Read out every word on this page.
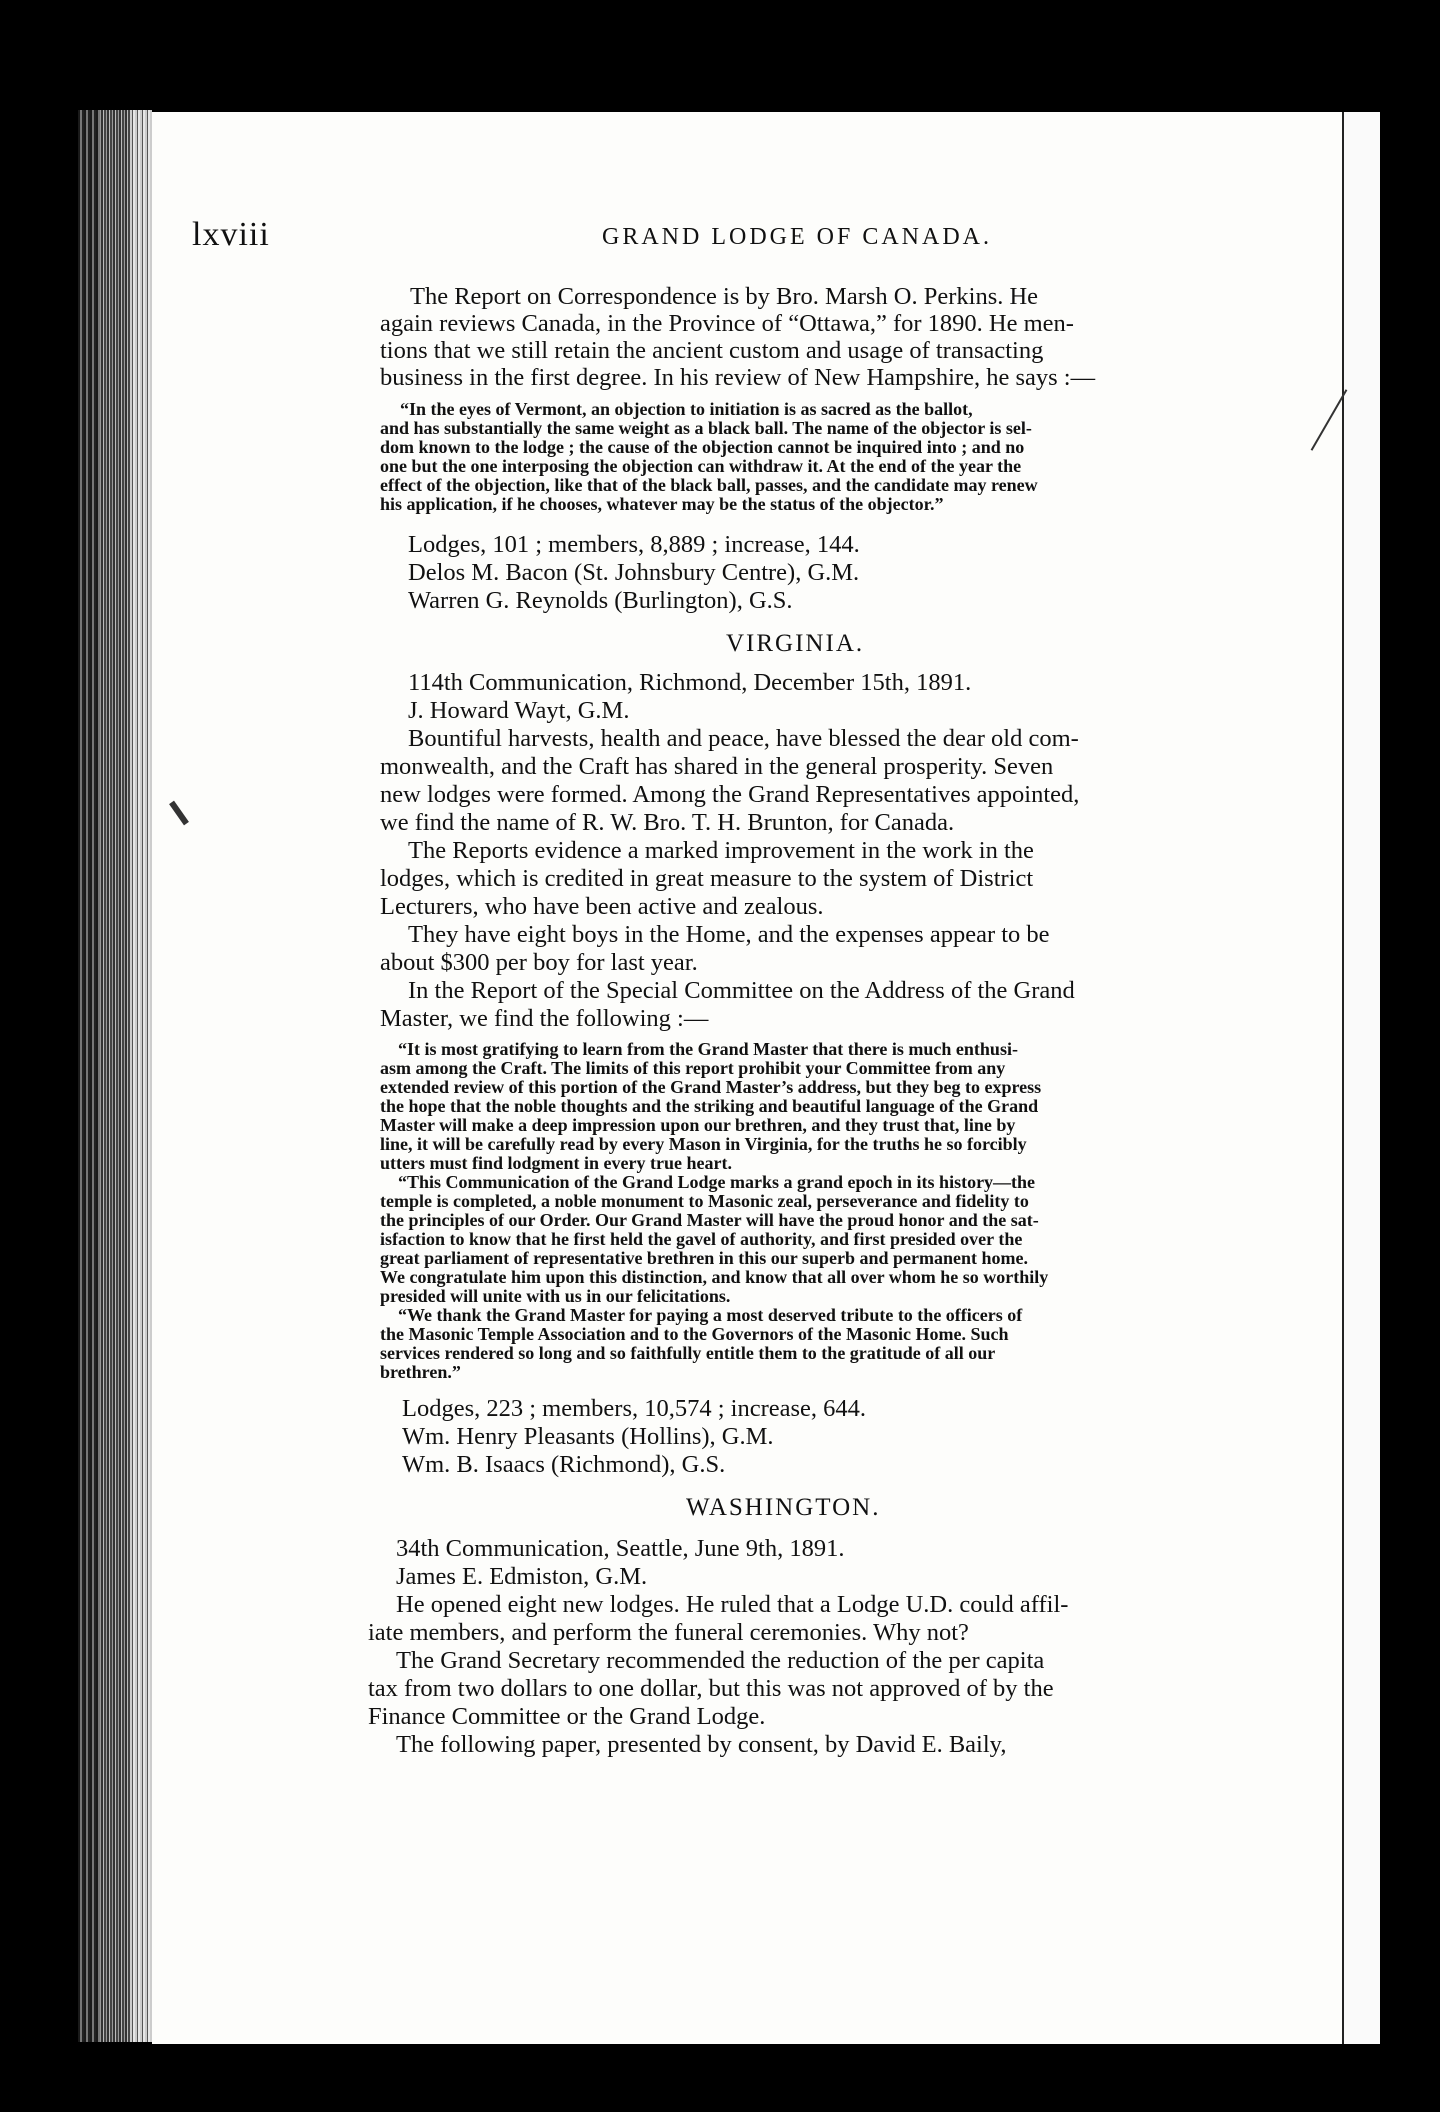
lxviii	GRAND LODGE OF CANADA.
The Report on Correspondence is by Bro. Marsh O. Perkins. He
again reviews Canada, in the Province of “Ottawa,” for 1890. He men-
tions that we still retain the ancient custom and usage of transacting
business in the first degree. In his review of New Hampshire, he says :—
“In the eyes of Vermont, an objection to initiation is as sacred as the ballot,
and has substantially the same weight as a black ball. The name of the objector is sel-
dom known to the lodge ; the cause of the objection cannot be inquired into ; and no
one but the one interposing the objection can withdraw it. At the end of the year the
effect of the objection, like that of the black ball, passes, and the candidate may renew
his application, if he chooses, whatever may be the status of the objector.”
Lodges, 101 ; members, 8,889 ; increase, 144.
Delos M. Bacon (St. Johnsbury Centre), G.M.
Warren G. Reynolds (Burlington), G.S.
VIRGINIA.
114th Communication, Richmond, December 15th, 1891.
J. Howard Wayt, G.M.
Bountiful harvests, health and peace, have blessed the dear old com-
monwealth, and the Craft has shared in the general prosperity. Seven
new lodges were formed. Among the Grand Representatives appointed,
we find the name of R. W. Bro. T. H. Brunton, for Canada.
The Reports evidence a marked improvement in the work in the
lodges, which is credited in great measure to the system of District
Lecturers, who have been active and zealous.
They have eight boys in the Home, and the expenses appear to be
about $300 per boy for last year.
In the Report of the Special Committee on the Address of the Grand
Master, we find the following :—
“It is most gratifying to learn from the Grand Master that there is much enthusi-
asm among the Craft. The limits of this report prohibit your Committee from any
extended review of this portion of the Grand Master’s address, but they beg to express
the hope that the noble thoughts and the striking and beautiful language of the Grand
Master will make a deep impression upon our brethren, and they trust that, line by
line, it will be carefully read by every Mason in Virginia, for the truths he so forcibly
utters must find lodgment in every true heart.
“This Communication of the Grand Lodge marks a grand epoch in its history—the
temple is completed, a noble monument to Masonic zeal, perseverance and fidelity to
the principles of our Order. Our Grand Master will have the proud honor and the sat-
isfaction to know that he first held the gavel of authority, and first presided over the
great parliament of representative brethren in this our superb and permanent home.
We congratulate him upon this distinction, and know that all over whom he so worthily
presided will unite with us in our felicitations.
“We thank the Grand Master for paying a most deserved tribute to the officers of
the Masonic Temple Association and to the Governors of the Masonic Home. Such
services rendered so long and so faithfully entitle them to the gratitude of all our
brethren.”
Lodges, 223 ; members, 10,574 ; increase, 644.
Wm. Henry Pleasants (Hollins), G.M.
Wm. B. Isaacs (Richmond), G.S.
WASHINGTON.
34th Communication, Seattle, June 9th, 1891.
James E. Edmiston, G.M.
He opened eight new lodges. He ruled that a Lodge U.D. could affil-
iate members, and perform the funeral ceremonies. Why not?
The Grand Secretary recommended the reduction of the per capita
tax from two dollars to one dollar, but this was not approved of by the
Finance Committee or the Grand Lodge.
The following paper, presented by consent, by David E. Baily,
